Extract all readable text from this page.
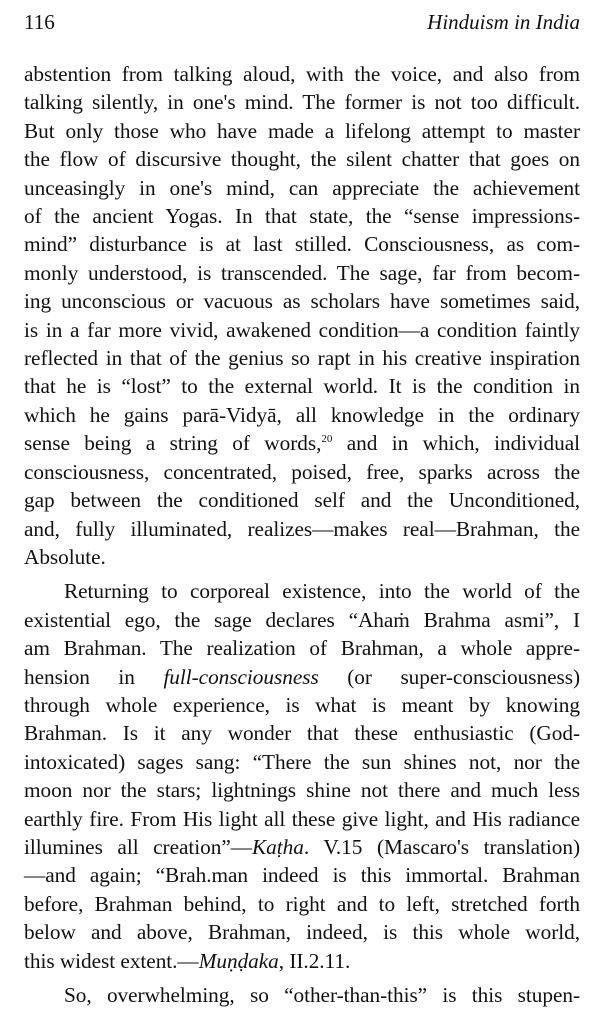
116	Hinduism in India

abstention from talking aloud, with the voice, and also from
talking silently, in one's mind. The former is not too difficult.
But only those who have made a lifelong attempt to master
the flow of discursive thought, the silent chatter that goes on
unceasingly in one's mind, can appreciate the achievement
of the ancient Yogas. In that state, the “sense impressions-
mind” disturbance is at last stilled. Consciousness, as com-
monly understood, is transcended. The sage, far from becom-
ing unconscious or vacuous as scholars have sometimes said,
is in a far more vivid, awakened condition—a condition faintly
reflected in that of the genius so rapt in his creative inspiration
that he is “lost” to the external world. It is the condition in
which he gains parā-Vidyā, all knowledge in the ordinary
sense being a string of words,$^{20}$ and in which, individual
consciousness, concentrated, poised, free, sparks across the
gap between the conditioned self and the Unconditioned,
and, fully illuminated, realizes—makes real—Brahman, the
Absolute.

Returning to corporeal existence, into the world of the
existential ego, the sage declares “Ahaṁ Brahma asmi”, I
am Brahman. The realization of Brahman, a whole appre-
hension in full-consciousness (or super-consciousness)
through whole experience, is what is meant by knowing
Brahman. Is it any wonder that these enthusiastic (God-
intoxicated) sages sang: “There the sun shines not, nor the
moon nor the stars; lightnings shine not there and much less
earthly fire. From His light all these give light, and His radiance
illumines all creation”—Kaṭha. V.15 (Mascaro's translation)
—and again; “Brah.man indeed is this immortal. Brahman
before, Brahman behind, to right and to left, stretched forth
below and above, Brahman, indeed, is this whole world,
this widest extent.—Muṇḍaka, II.2.11.

So, overwhelming, so “other-than-this” is this stupen-
